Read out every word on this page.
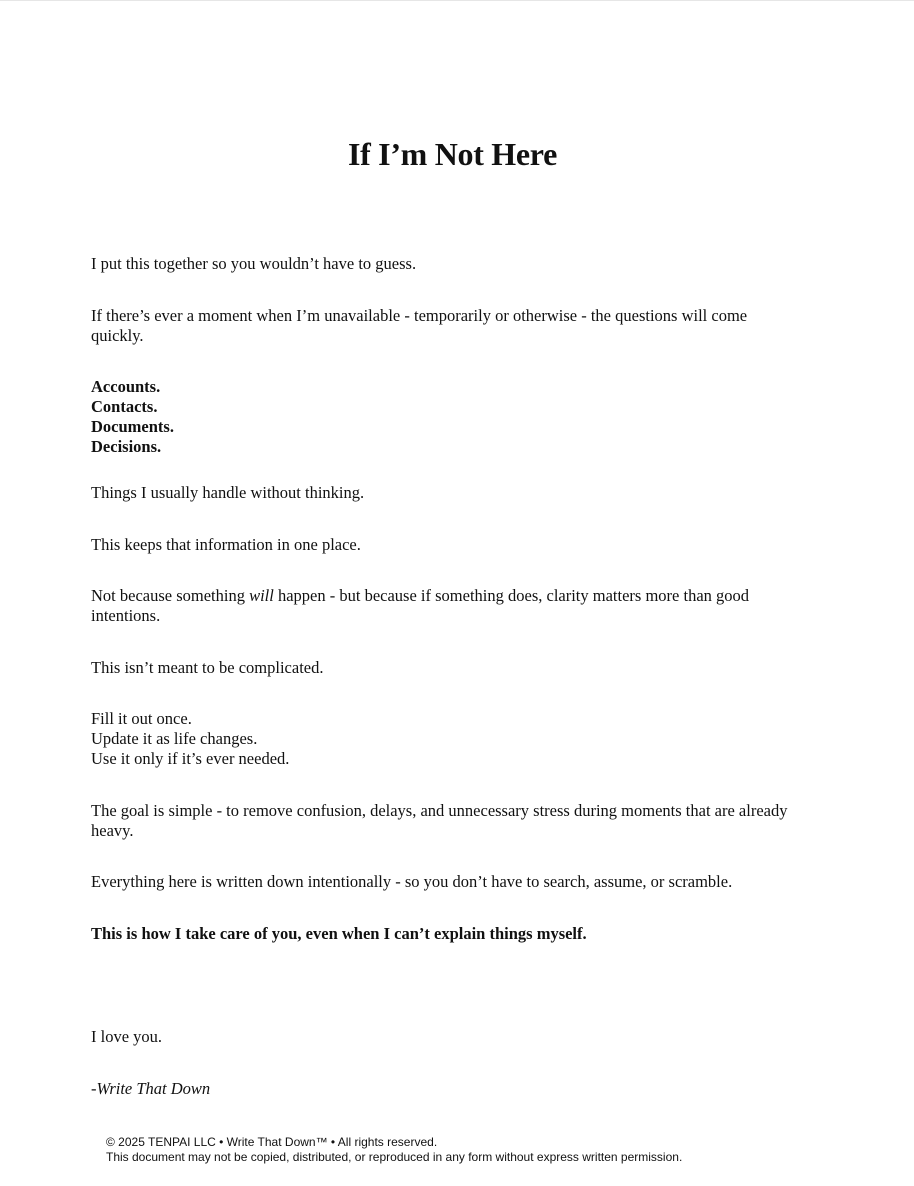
If I’m Not Here

I put this together so you wouldn’t have to guess.

If there’s ever a moment when I’m unavailable - temporarily or otherwise - the questions will come quickly.

Accounts.
Contacts.
Documents.
Decisions.

Things I usually handle without thinking.

This keeps that information in one place.

Not because something will happen - but because if something does, clarity matters more than good intentions.

This isn’t meant to be complicated.

Fill it out once.
Update it as life changes.
Use it only if it’s ever needed.

The goal is simple - to remove confusion, delays, and unnecessary stress during moments that are already heavy.

Everything here is written down intentionally - so you don’t have to search, assume, or scramble.

This is how I take care of you, even when I can’t explain things myself.

I love you.

-Write That Down

© 2025 TENPAI LLC • Write That Down™ • All rights reserved.
This document may not be copied, distributed, or reproduced in any form without express written permission.
